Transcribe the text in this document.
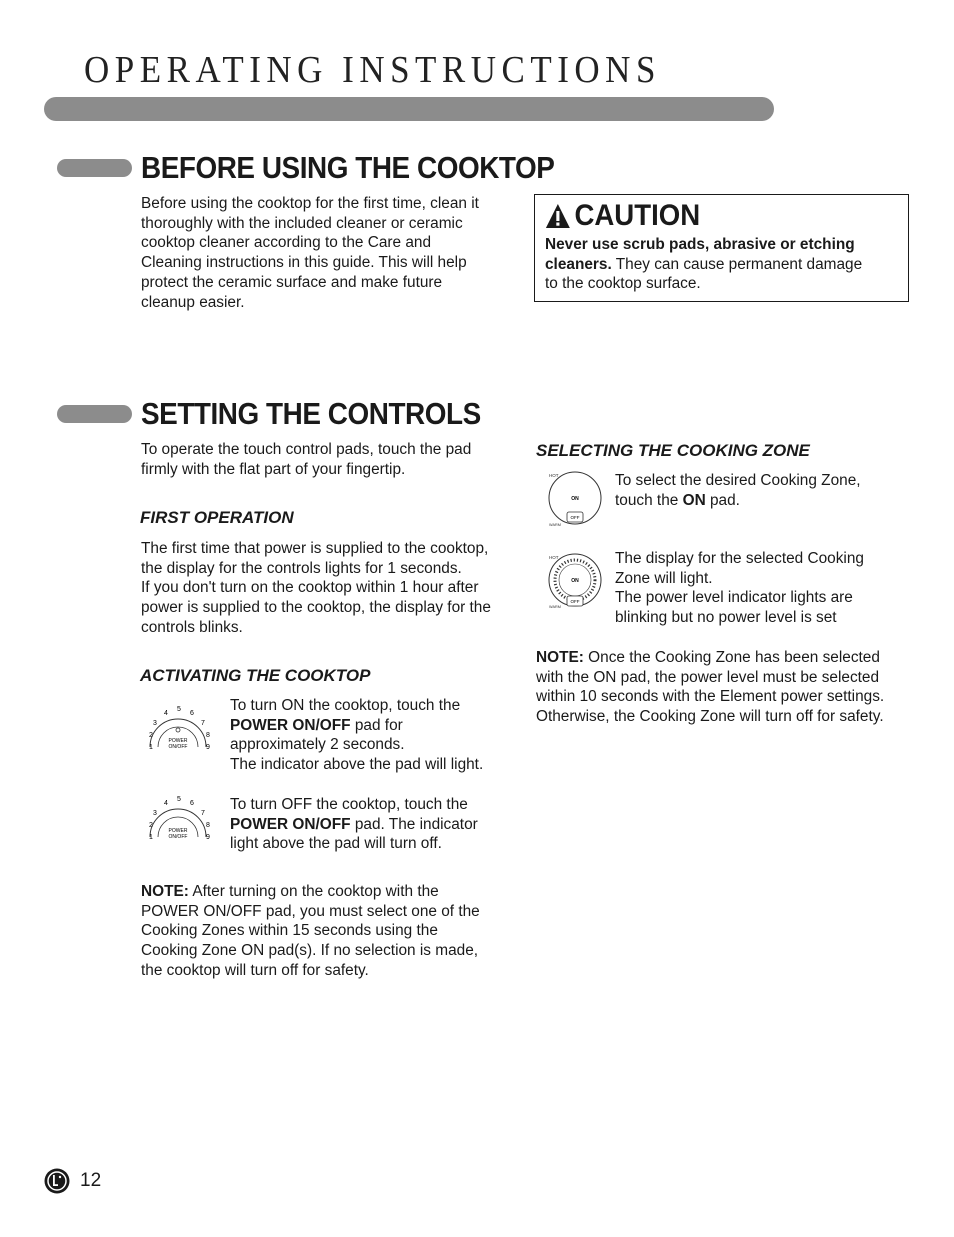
OPERATING INSTRUCTIONS
BEFORE USING THE COOKTOP
Before using the cooktop for the first time, clean it
thoroughly with the included cleaner or ceramic
cooktop cleaner according to the Care and
Cleaning instructions in this guide. This will help
protect the ceramic surface and make future
cleanup easier.
CAUTION
Never use scrub pads, abrasive or etching
cleaners. They can cause permanent damage
to the cooktop surface.
SETTING THE CONTROLS
To operate the touch control pads, touch the pad
firmly with the flat part of your fingertip.
FIRST OPERATION
The first time that power is supplied to the cooktop,
the display for the controls lights for 1 seconds.
If you don't turn on the cooktop within 1 hour after
power is supplied to the cooktop, the display for the
controls blinks.
ACTIVATING THE COOKTOP
1
2
3
4
5
6
7
8
9
POWER
ON/OFF
To turn ON the cooktop, touch the
POWER ON/OFF pad for
approximately 2 seconds.
The indicator above the pad will light.
1
2
3
4
5
6
7
8
9
POWER
ON/OFF
To turn OFF the cooktop, touch the
POWER ON/OFF pad. The indicator
light above the pad will turn off.
NOTE: After turning on the cooktop with the
POWER ON/OFF pad, you must select one of the
Cooking Zones within 15 seconds using the
Cooking Zone ON pad(s). If no selection is made,
the cooktop will turn off for safety.
SELECTING THE COOKING ZONE
HOT
ON
OFF
WARM
To select the desired Cooking Zone,
touch the ON pad.
HOT
ON
OFF
WARM
The display for the selected Cooking
Zone will light.
The power level indicator lights are
blinking but no power level is set
NOTE: Once the Cooking Zone has been selected
with the ON pad, the power level must be selected
within 10 seconds with the Element power settings.
Otherwise, the Cooking Zone will turn off for safety.
12
